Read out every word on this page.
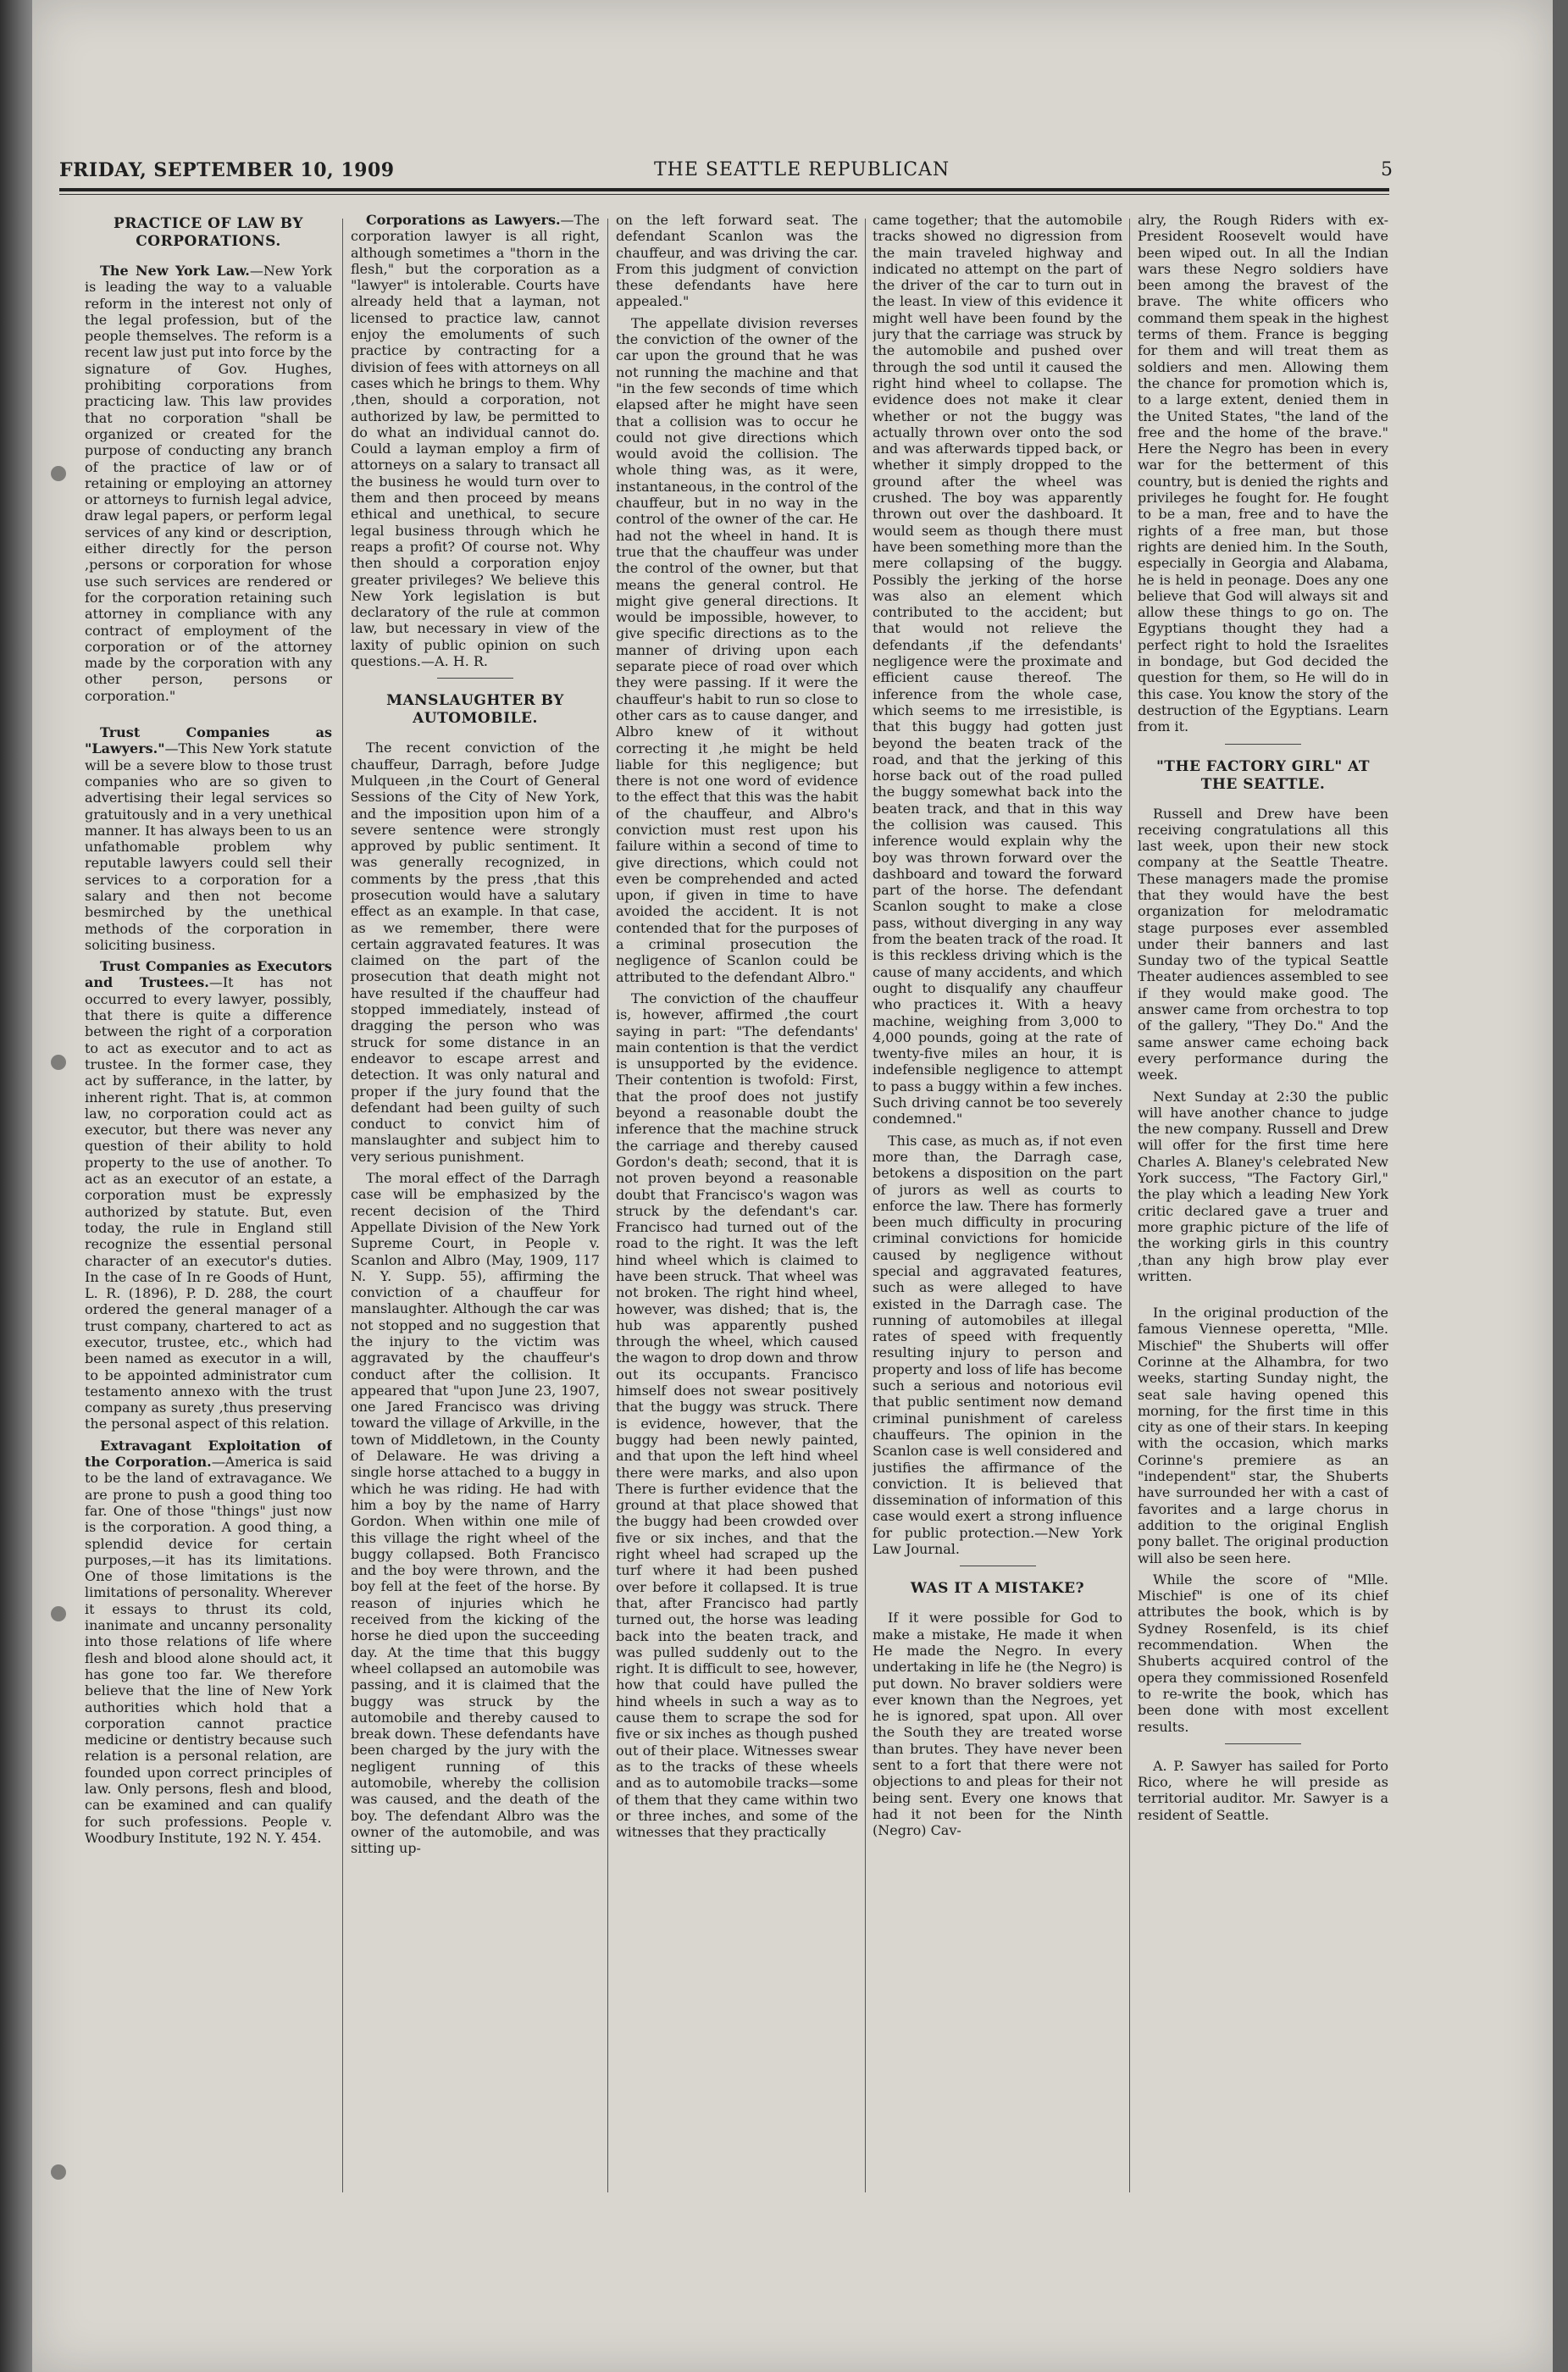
FRIDAY, SEPTEMBER 10, 1909	THE SEATTLE REPUBLICAN	5
PRACTICE OF LAW BY CORPORATIONS.

The New York Law.—New York is leading the way to a valuable reform in the interest not only of the legal profession, but of the people themselves. The reform is a recent law just put into force by the signature of Gov. Hughes, prohibiting corporations from practicing law. This law provides that no corporation "shall be organized or created for the purpose of conducting any branch of the practice of law or of retaining or employing an attorney or attorneys to furnish legal advice, draw legal papers, or perform legal services of any kind or description, either directly for the person ,persons or corporation for whose use such services are rendered or for the corporation retaining such attorney in compliance with any contract of employment of the corporation or of the attorney made by the corporation with any other person, persons or corporation."

Trust Companies as "Lawyers."—This New York statute will be a severe blow to those trust companies who are so given to advertising their legal services so gratuitously and in a very unethical manner. It has always been to us an unfathomable problem why reputable lawyers could sell their services to a corporation for a salary and then not become besmirched by the unethical methods of the corporation in soliciting business.

Trust Companies as Executors and Trustees.—It has not occurred to every lawyer, possibly, that there is quite a difference between the right of a corporation to act as executor and to act as trustee. In the former case, they act by sufferance, in the latter, by inherent right. That is, at common law, no corporation could act as executor, but there was never any question of their ability to hold property to the use of another. To act as an executor of an estate, a corporation must be expressly authorized by statute. But, even today, the rule in England still recognize the essential personal character of an executor's duties. In the case of In re Goods of Hunt, L. R. (1896), P. D. 288, the court ordered the general manager of a trust company, chartered to act as executor, trustee, etc., which had been named as executor in a will, to be appointed administrator cum testamento annexo with the trust company as surety ,thus preserving the personal aspect of this relation.

Extravagant Exploitation of the Corporation.—America is said to be the land of extravagance. We are prone to push a good thing too far. One of those "things" just now is the corporation. A good thing, a splendid device for certain purposes,—it has its limitations. One of those limitations is the limitations of personality. Wherever it essays to thrust its cold, inanimate and uncanny personality into those relations of life where flesh and blood alone should act, it has gone too far. We therefore believe that the line of New York authorities which hold that a corporation cannot practice medicine or dentistry because such relation is a personal relation, are founded upon correct principles of law. Only persons, flesh and blood, can be examined and can qualify for such professions. People v. Woodbury Institute, 192 N. Y. 454.

Corporations as Lawyers.—The corporation lawyer is all right, although sometimes a "thorn in the flesh," but the corporation as a "lawyer" is intolerable. Courts have already held that a layman, not licensed to practice law, cannot enjoy the emoluments of such practice by contracting for a division of fees with attorneys on all cases which he brings to them. Why ,then, should a corporation, not authorized by law, be permitted to do what an individual cannot do. Could a layman employ a firm of attorneys on a salary to transact all the business he would turn over to them and then proceed by means ethical and unethical, to secure legal business through which he reaps a profit? Of course not. Why then should a corporation enjoy greater privileges? We believe this New York legislation is but declaratory of the rule at common law, but necessary in view of the laxity of public opinion on such questions.—A. H. R.

MANSLAUGHTER BY AUTOMOBILE.

The recent conviction of the chauffeur, Darragh, before Judge Mulqueen ,in the Court of General Sessions of the City of New York, and the imposition upon him of a severe sentence were strongly approved by public sentiment. It was generally recognized, in comments by the press ,that this prosecution would have a salutary effect as an example. In that case, as we remember, there were certain aggravated features. It was claimed on the part of the prosecution that death might not have resulted if the chauffeur had stopped immediately, instead of dragging the person who was struck for some distance in an endeavor to escape arrest and detection. It was only natural and proper if the jury found that the defendant had been guilty of such conduct to convict him of manslaughter and subject him to very serious punishment.

The moral effect of the Darragh case will be emphasized by the recent decision of the Third Appellate Division of the New York Supreme Court, in People v. Scanlon and Albro (May, 1909, 117 N. Y. Supp. 55), affirming the conviction of a chauffeur for manslaughter. Although the car was not stopped and no suggestion that the injury to the victim was aggravated by the chauffeur's conduct after the collision. It appeared that "upon June 23, 1907, one Jared Francisco was driving toward the village of Arkville, in the town of Middletown, in the County of Delaware. He was driving a single horse attached to a buggy in which he was riding. He had with him a boy by the name of Harry Gordon. When within one mile of this village the right wheel of the buggy collapsed. Both Francisco and the boy were thrown, and the boy fell at the feet of the horse. By reason of injuries which he received from the kicking of the horse he died upon the succeeding day. At the time that this buggy wheel collapsed an automobile was passing, and it is claimed that the buggy was struck by the automobile and thereby caused to break down. These defendants have been charged by the jury with the negligent running of this automobile, whereby the collision was caused, and the death of the boy. The defendant Albro was the owner of the automobile, and was sitting up-

on the left forward seat. The defendant Scanlon was the chauffeur, and was driving the car. From this judgment of conviction these defendants have here appealed."

The appellate division reverses the conviction of the owner of the car upon the ground that he was not running the machine and that "in the few seconds of time which elapsed after he might have seen that a collision was to occur he could not give directions which would avoid the collision. The whole thing was, as it were, instantaneous, in the control of the chauffeur, but in no way in the control of the owner of the car. He had not the wheel in hand. It is true that the chauffeur was under the control of the owner, but that means the general control. He might give general directions. It would be impossible, however, to give specific directions as to the manner of driving upon each separate piece of road over which they were passing. If it were the chauffeur's habit to run so close to other cars as to cause danger, and Albro knew of it without correcting it ,he might be held liable for this negligence; but there is not one word of evidence to the effect that this was the habit of the chauffeur, and Albro's conviction must rest upon his failure within a second of time to give directions, which could not even be comprehended and acted upon, if given in time to have avoided the accident. It is not contended that for the purposes of a criminal prosecution the negligence of Scanlon could be attributed to the defendant Albro."

The conviction of the chauffeur is, however, affirmed ,the court saying in part: "The defendants' main contention is that the verdict is unsupported by the evidence. Their contention is twofold: First, that the proof does not justify beyond a reasonable doubt the inference that the machine struck the carriage and thereby caused Gordon's death; second, that it is not proven beyond a reasonable doubt that Francisco's wagon was struck by the defendant's car. Francisco had turned out of the road to the right. It was the left hind wheel which is claimed to have been struck. That wheel was not broken. The right hind wheel, however, was dished; that is, the hub was apparently pushed through the wheel, which caused the wagon to drop down and throw out its occupants. Francisco himself does not swear positively that the buggy was struck. There is evidence, however, that the buggy had been newly painted, and that upon the left hind wheel there were marks, and also upon There is further evidence that the ground at that place showed that the buggy had been crowded over five or six inches, and that the right wheel had scraped up the turf where it had been pushed over before it collapsed. It is true that, after Francisco had partly turned out, the horse was leading back into the beaten track, and was pulled suddenly out to the right. It is difficult to see, however, how that could have pulled the hind wheels in such a way as to cause them to scrape the sod for five or six inches as though pushed out of their place. Witnesses swear as to the tracks of these wheels and as to automobile tracks—some of them that they came within two or three inches, and some of the witnesses that they practically

came together; that the automobile tracks showed no digression from the main traveled highway and indicated no attempt on the part of the driver of the car to turn out in the least. In view of this evidence it might well have been found by the jury that the carriage was struck by the automobile and pushed over through the sod until it caused the right hind wheel to collapse. The evidence does not make it clear whether or not the buggy was actually thrown over onto the sod and was afterwards tipped back, or whether it simply dropped to the ground after the wheel was crushed. The boy was apparently thrown out over the dashboard. It would seem as though there must have been something more than the mere collapsing of the buggy. Possibly the jerking of the horse was also an element which contributed to the accident; but that would not relieve the defendants ,if the defendants' negligence were the proximate and efficient cause thereof. The inference from the whole case, which seems to me irresistible, is that this buggy had gotten just beyond the beaten track of the road, and that the jerking of this horse back out of the road pulled the buggy somewhat back into the beaten track, and that in this way the collision was caused. This inference would explain why the boy was thrown forward over the dashboard and toward the forward part of the horse. The defendant Scanlon sought to make a close pass, without diverging in any way from the beaten track of the road. It is this reckless driving which is the cause of many accidents, and which ought to disqualify any chauffeur who practices it. With a heavy machine, weighing from 3,000 to 4,000 pounds, going at the rate of twenty-five miles an hour, it is indefensible negligence to attempt to pass a buggy within a few inches. Such driving cannot be too severely condemned."

This case, as much as, if not even more than, the Darragh case, betokens a disposition on the part of jurors as well as courts to enforce the law. There has formerly been much difficulty in procuring criminal convictions for homicide caused by negligence without special and aggravated features, such as were alleged to have existed in the Darragh case. The running of automobiles at illegal rates of speed with frequently resulting injury to person and property and loss of life has become such a serious and notorious evil that public sentiment now demand criminal punishment of careless chauffeurs. The opinion in the Scanlon case is well considered and justifies the affirmance of the conviction. It is believed that dissemination of information of this case would exert a strong influence for public protection.—New York Law Journal.

WAS IT A MISTAKE?

If it were possible for God to make a mistake, He made it when He made the Negro. In every undertaking in life he (the Negro) is put down. No braver soldiers were ever known than the Negroes, yet he is ignored, spat upon. All over the South they are treated worse than brutes. They have never been sent to a fort that there were not objections to and pleas for their not being sent. Every one knows that had it not been for the Ninth (Negro) Cav-

alry, the Rough Riders with ex-President Roosevelt would have been wiped out. In all the Indian wars these Negro soldiers have been among the bravest of the brave. The white officers who command them speak in the highest terms of them. France is begging for them and will treat them as soldiers and men. Allowing them the chance for promotion which is, to a large extent, denied them in the United States, "the land of the free and the home of the brave." Here the Negro has been in every war for the betterment of this country, but is denied the rights and privileges he fought for. He fought to be a man, free and to have the rights of a free man, but those rights are denied him. In the South, especially in Georgia and Alabama, he is held in peonage. Does any one believe that God will always sit and allow these things to go on. The Egyptians thought they had a perfect right to hold the Israelites in bondage, but God decided the question for them, so He will do in this case. You know the story of the destruction of the Egyptians. Learn from it.

"THE FACTORY GIRL" AT THE SEATTLE.

Russell and Drew have been receiving congratulations all this last week, upon their new stock company at the Seattle Theatre. These managers made the promise that they would have the best organization for melodramatic stage purposes ever assembled under their banners and last Sunday two of the typical Seattle Theater audiences assembled to see if they would make good. The answer came from orchestra to top of the gallery, "They Do." And the same answer came echoing back every performance during the week.

Next Sunday at 2:30 the public will have another chance to judge the new company. Russell and Drew will offer for the first time here Charles A. Blaney's celebrated New York success, "The Factory Girl," the play which a leading New York critic declared gave a truer and more graphic picture of the life of the working girls in this country ,than any high brow play ever written.

In the original production of the famous Viennese operetta, "Mlle. Mischief" the Shuberts will offer Corinne at the Alhambra, for two weeks, starting Sunday night, the seat sale having opened this morning, for the first time in this city as one of their stars. In keeping with the occasion, which marks Corinne's premiere as an "independent" star, the Shuberts have surrounded her with a cast of favorites and a large chorus in addition to the original English pony ballet. The original production will also be seen here.

While the score of "Mlle. Mischief" is one of its chief attributes the book, which is by Sydney Rosenfeld, is its chief recommendation. When the Shuberts acquired control of the opera they commissioned Rosenfeld to re-write the book, which has been done with most excellent results.

A. P. Sawyer has sailed for Porto Rico, where he will preside as territorial auditor. Mr. Sawyer is a resident of Seattle.
